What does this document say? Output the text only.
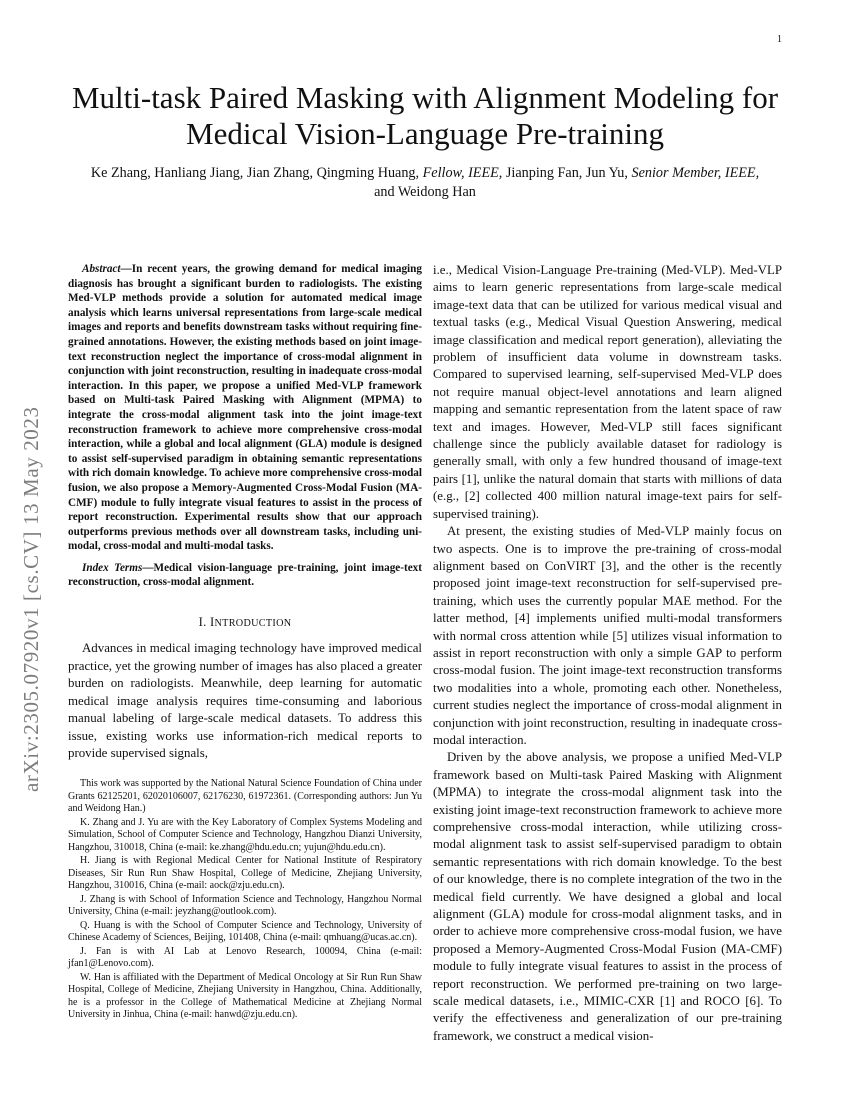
1
arXiv:2305.07920v1 [cs.CV] 13 May 2023
Multi-task Paired Masking with Alignment Modeling for Medical Vision-Language Pre-training
Ke Zhang, Hanliang Jiang, Jian Zhang, Qingming Huang, Fellow, IEEE, Jianping Fan, Jun Yu, Senior Member, IEEE, and Weidong Han

Abstract—In recent years, the growing demand for medical imaging diagnosis has brought a significant burden to radiologists. The existing Med-VLP methods provide a solution for automated medical image analysis which learns universal representations from large-scale medical images and reports and benefits downstream tasks without requiring fine-grained annotations. However, the existing methods based on joint image-text reconstruction neglect the importance of cross-modal alignment in conjunction with joint reconstruction, resulting in inadequate cross-modal interaction. In this paper, we propose a unified Med-VLP framework based on Multi-task Paired Masking with Alignment (MPMA) to integrate the cross-modal alignment task into the joint image-text reconstruction framework to achieve more comprehensive cross-modal interaction, while a global and local alignment (GLA) module is designed to assist self-supervised paradigm in obtaining semantic representations with rich domain knowledge. To achieve more comprehensive cross-modal fusion, we also propose a Memory-Augmented Cross-Modal Fusion (MA-CMF) module to fully integrate visual features to assist in the process of report reconstruction. Experimental results show that our approach outperforms previous methods over all downstream tasks, including uni-modal, cross-modal and multi-modal tasks.

Index Terms—Medical vision-language pre-training, joint image-text reconstruction, cross-modal alignment.

I. INTRODUCTION

Advances in medical imaging technology have improved medical practice, yet the growing number of images has also placed a greater burden on radiologists. Meanwhile, deep learning for automatic medical image analysis requires time-consuming and laborious manual labeling of large-scale medical datasets. To address this issue, existing works use information-rich medical reports to provide supervised signals,

This work was supported by the National Natural Science Foundation of China under Grants 62125201, 62020106007, 62176230, 61972361. (Corresponding authors: Jun Yu and Weidong Han.)

K. Zhang and J. Yu are with the Key Laboratory of Complex Systems Modeling and Simulation, School of Computer Science and Technology, Hangzhou Dianzi University, Hangzhou, 310018, China (e-mail: ke.zhang@hdu.edu.cn; yujun@hdu.edu.cn).

H. Jiang is with Regional Medical Center for National Institute of Respiratory Diseases, Sir Run Run Shaw Hospital, College of Medicine, Zhejiang University, Hangzhou, 310016, China (e-mail: aock@zju.edu.cn).

J. Zhang is with School of Information Science and Technology, Hangzhou Normal University, China (e-mail: jeyzhang@outlook.com).

Q. Huang is with the School of Computer Science and Technology, University of Chinese Academy of Sciences, Beijing, 101408, China (e-mail: qmhuang@ucas.ac.cn).

J. Fan is with AI Lab at Lenovo Research, 100094, China (e-mail: jfan1@Lenovo.com).

W. Han is affiliated with the Department of Medical Oncology at Sir Run Run Shaw Hospital, College of Medicine, Zhejiang University in Hangzhou, China. Additionally, he is a professor in the College of Mathematical Medicine at Zhejiang Normal University in Jinhua, China (e-mail: hanwd@zju.edu.cn).

i.e., Medical Vision-Language Pre-training (Med-VLP). Med-VLP aims to learn generic representations from large-scale medical image-text data that can be utilized for various medical visual and textual tasks (e.g., Medical Visual Question Answering, medical image classification and medical report generation), alleviating the problem of insufficient data volume in downstream tasks. Compared to supervised learning, self-supervised Med-VLP does not require manual object-level annotations and learn aligned mapping and semantic representation from the latent space of raw text and images. However, Med-VLP still faces significant challenge since the publicly available dataset for radiology is generally small, with only a few hundred thousand of image-text pairs [1], unlike the natural domain that starts with millions of data (e.g., [2] collected 400 million natural image-text pairs for self-supervised training).

At present, the existing studies of Med-VLP mainly focus on two aspects. One is to improve the pre-training of cross-modal alignment based on ConVIRT [3], and the other is the recently proposed joint image-text reconstruction for self-supervised pre-training, which uses the currently popular MAE method. For the latter method, [4] implements unified multi-modal transformers with normal cross attention while [5] utilizes visual information to assist in report reconstruction with only a simple GAP to perform cross-modal fusion. The joint image-text reconstruction transforms two modalities into a whole, promoting each other. Nonetheless, current studies neglect the importance of cross-modal alignment in conjunction with joint reconstruction, resulting in inadequate cross-modal interaction.

Driven by the above analysis, we propose a unified Med-VLP framework based on Multi-task Paired Masking with Alignment (MPMA) to integrate the cross-modal alignment task into the existing joint image-text reconstruction framework to achieve more comprehensive cross-modal interaction, while utilizing cross-modal alignment task to assist self-supervised paradigm to obtain semantic representations with rich domain knowledge. To the best of our knowledge, there is no complete integration of the two in the medical field currently. We have designed a global and local alignment (GLA) module for cross-modal alignment tasks, and in order to achieve more comprehensive cross-modal fusion, we have proposed a Memory-Augmented Cross-Modal Fusion (MA-CMF) module to fully integrate visual features to assist in the process of report reconstruction. We performed pre-training on two large-scale medical datasets, i.e., MIMIC-CXR [1] and ROCO [6]. To verify the effectiveness and generalization of our pre-training framework, we construct a medical vision-
